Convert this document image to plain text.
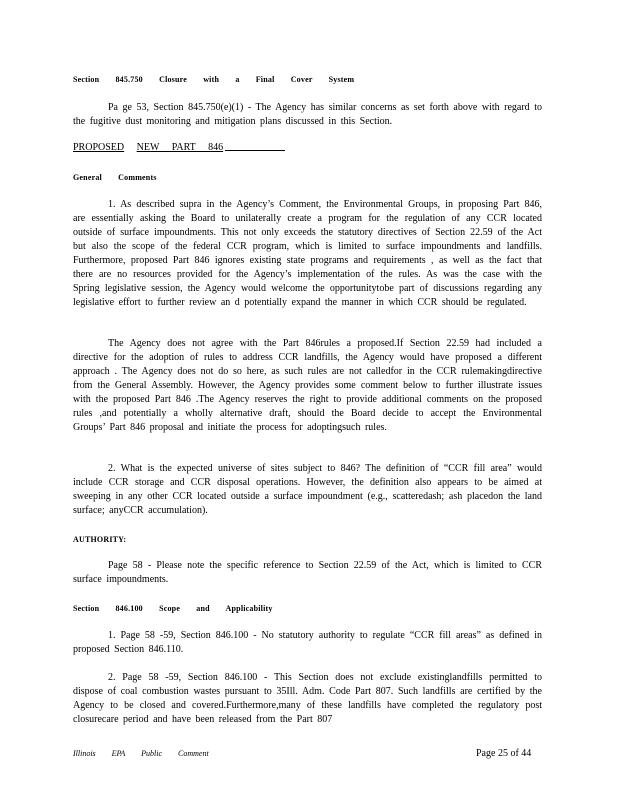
Section 845.750 Closure with a Final Cover System

Pa ge 53, Section 845.750(e)(1) - The Agency has similar concerns as set forth above with regard to the fugitive dust monitoring and mitigation plans discussed in this Section.

PROPOSED NEW PART 846
General Comments

1. As described supra in the Agency’s Comment, the Environmental Groups, in proposing Part 846, are essentially asking the Board to unilaterally create a program for the regulation of any CCR located outside of surface impoundments. This not only exceeds the statutory directives of Section 22.59 of the Act but also the scope of the federal CCR program, which is limited to surface impoundments and landfills. Furthermore, proposed Part 846 ignores existing state programs and requirements , as well as the fact that there are no resources provided for the Agency’s implementation of the rules. As was the case with the Spring legislative session, the Agency would welcome the opportunitytobe part of discussions regarding any legislative effort to further review an d potentially expand the manner in which CCR should be regulated.

The Agency does not agree with the Part 846rules a proposed.If Section 22.59 had included a directive for the adoption of rules to address CCR landfills, the Agency would have proposed a different approach . The Agency does not do so here, as such rules are not calledfor in the CCR rulemakingdirective from the General Assembly. However, the Agency provides some comment below to further illustrate issues with the proposed Part 846 .The Agency reserves the right to provide additional comments on the proposed rules ,and potentially a wholly alternative draft, should the Board decide to accept the Environmental Groups’ Part 846 proposal and initiate the process for adoptingsuch rules.

2. What is the expected universe of sites subject to 846? The definition of “CCR fill area” would include CCR storage and CCR disposal operations. However, the definition also appears to be aimed at sweeping in any other CCR located outside a surface impoundment (e.g., scatteredash; ash placedon the land surface; anyCCR accumulation).

AUTHORITY:

Page 58 - Please note the specific reference to Section 22.59 of the Act, which is limited to CCR surface impoundments.

Section 846.100 Scope and Applicability

1. Page 58 -59, Section 846.100 - No statutory authority to regulate “CCR fill areas” as defined in proposed Section 846.110.

2. Page 58 -59, Section 846.100 - This Section does not exclude existinglandfills permitted to dispose of coal combustion wastes pursuant to 35Ill. Adm. Code Part 807. Such landfills are certified by the Agency to be closed and covered.Furthermore,many of these landfills have completed the regulatory post closurecare period and have been released from the Part 807

Illinois EPA Public Comment	Page 25 of 44
